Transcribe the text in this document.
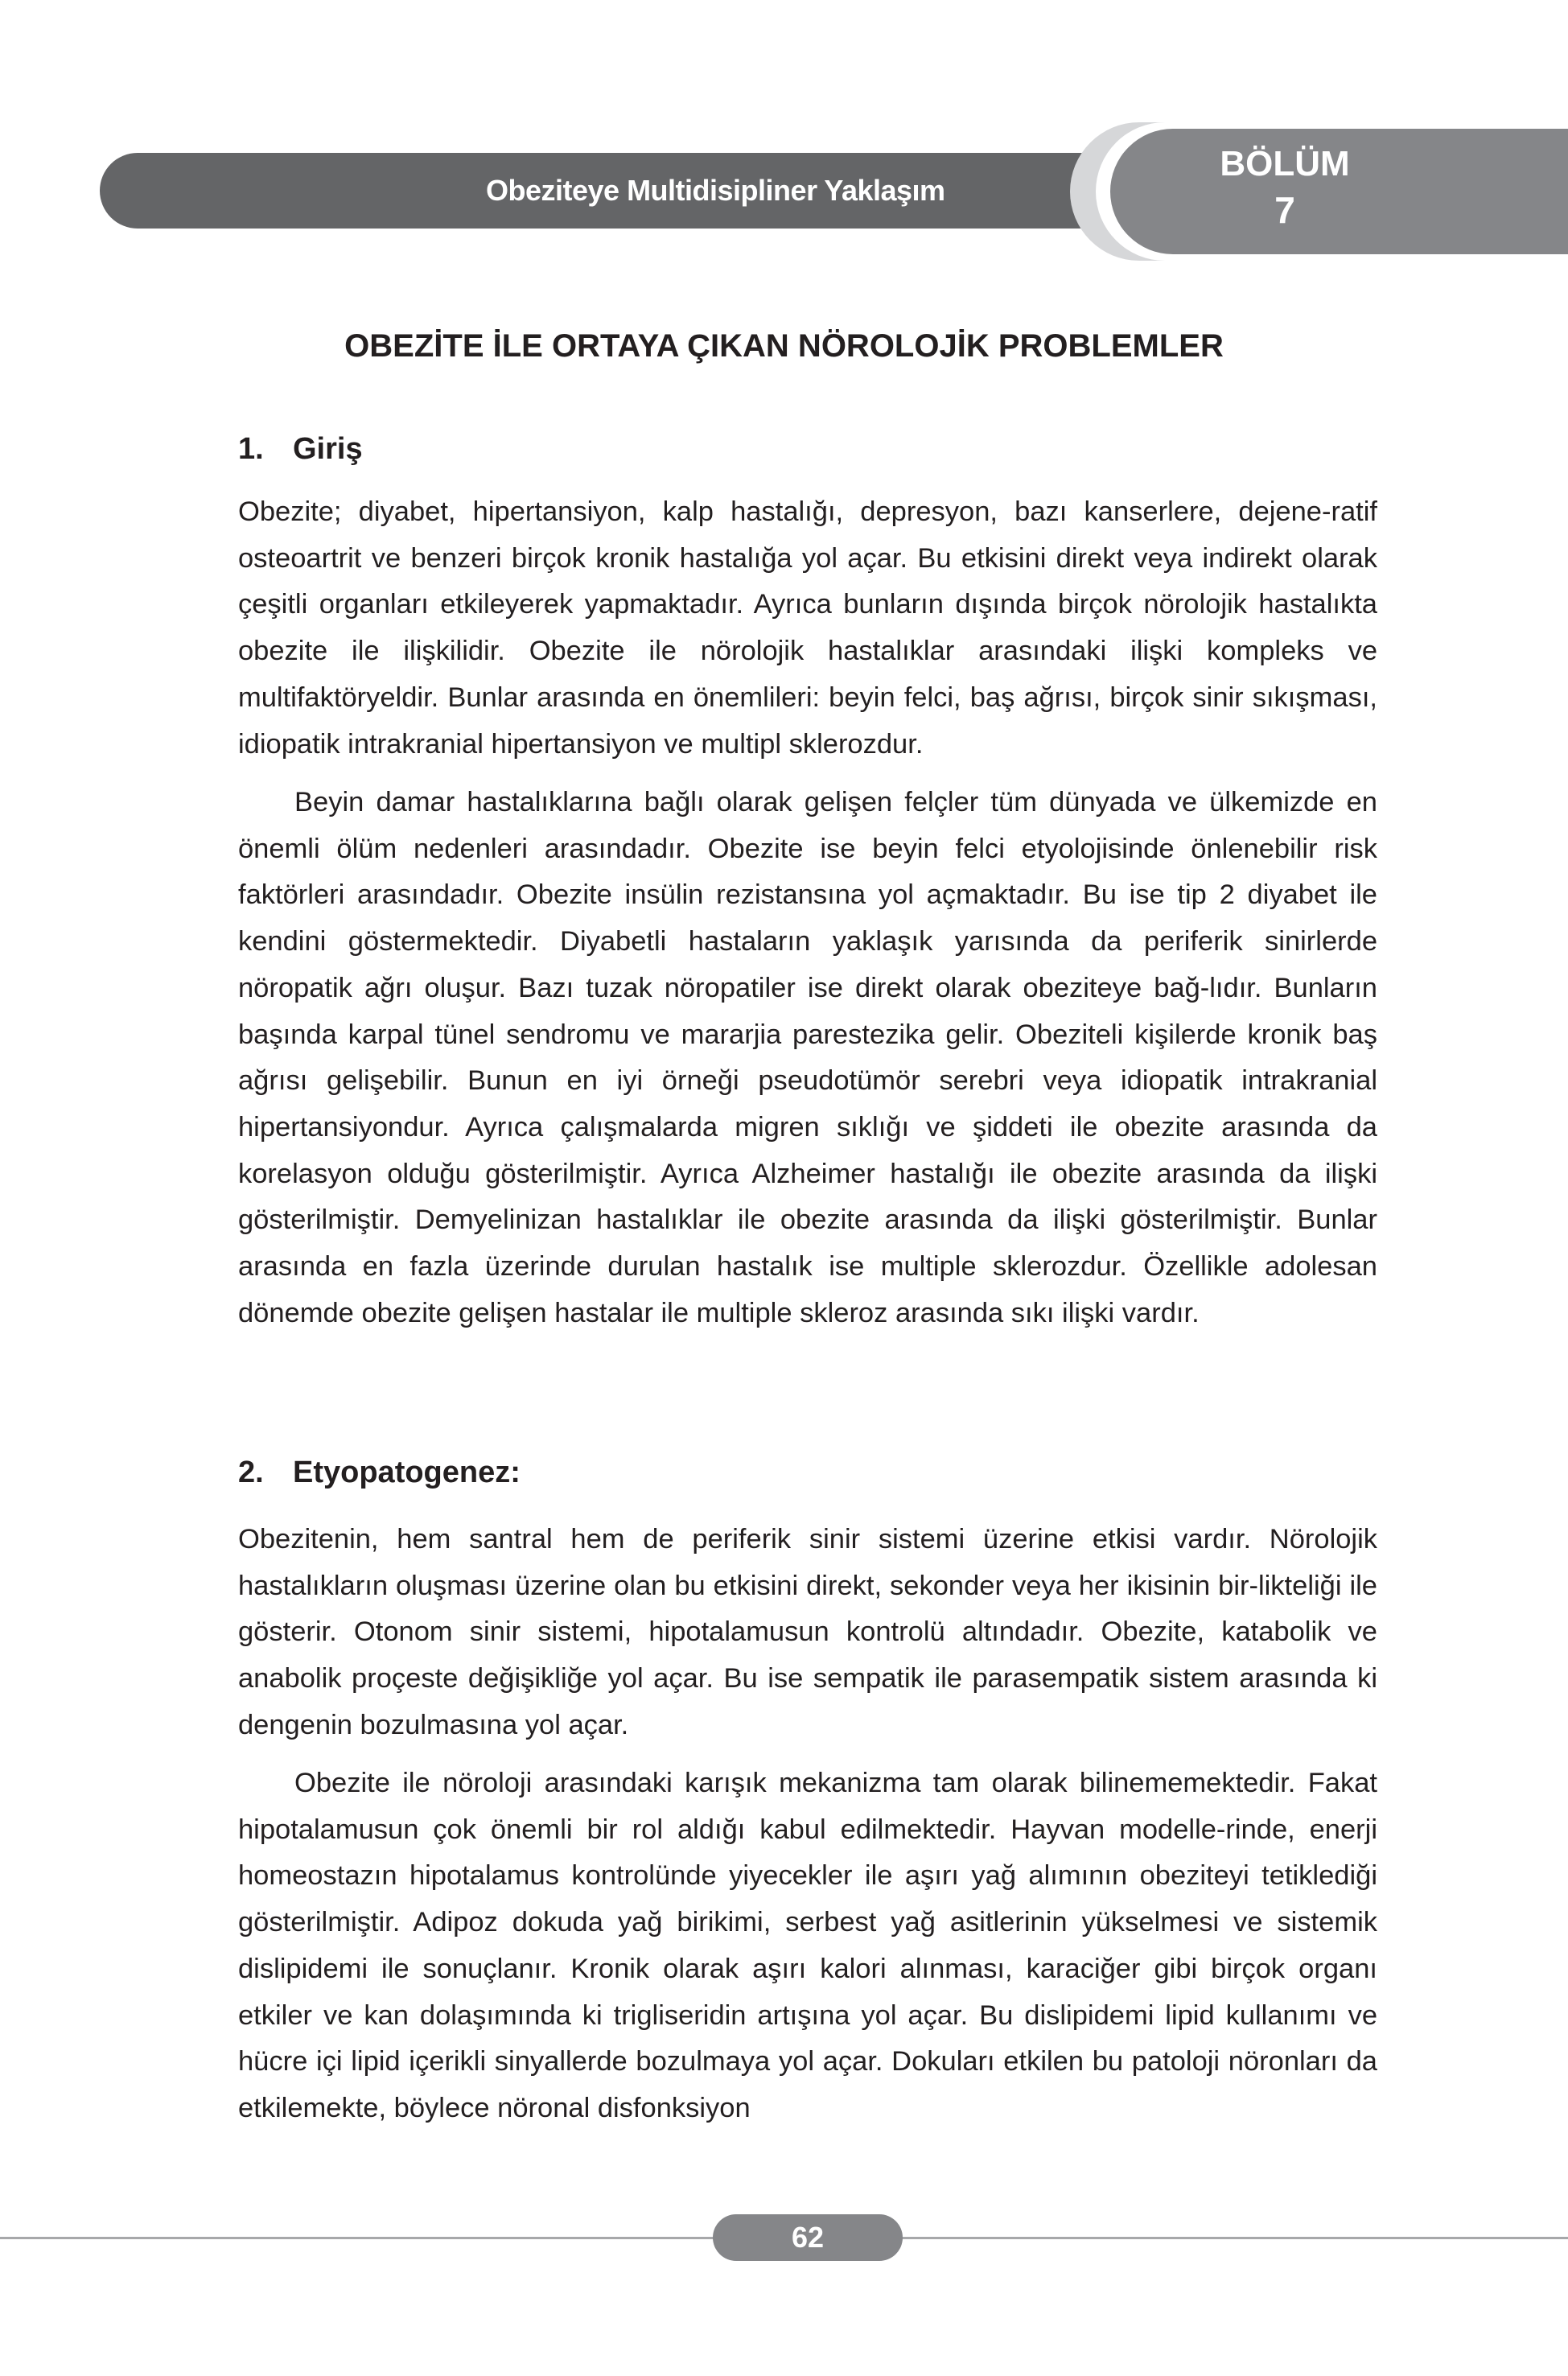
Obeziteye Multidisipliner Yaklaşım
BÖLÜM
7
OBEZİTE İLE ORTAYA ÇIKAN NÖROLOJİK PROBLEMLER
1. Giriş

Obezite; diyabet, hipertansiyon, kalp hastalığı, depresyon, bazı kanserlere, dejene-ratif osteoartrit ve benzeri birçok kronik hastalığa yol açar. Bu etkisini direkt veya indirekt olarak çeşitli organları etkileyerek yapmaktadır. Ayrıca bunların dışında birçok nörolojik hastalıkta obezite ile ilişkilidir. Obezite ile nörolojik hastalıklar arasındaki ilişki kompleks ve multifaktöryeldir. Bunlar arasında en önemlileri: beyin felci, baş ağrısı, birçok sinir sıkışması, idiopatik intrakranial hipertansiyon ve multipl sklerozdur.

Beyin damar hastalıklarına bağlı olarak gelişen felçler tüm dünyada ve ülkemizde en önemli ölüm nedenleri arasındadır. Obezite ise beyin felci etyolojisinde önlenebilir risk faktörleri arasındadır. Obezite insülin rezistansına yol açmaktadır. Bu ise tip 2 diyabet ile kendini göstermektedir. Diyabetli hastaların yaklaşık yarısında da periferik sinirlerde nöropatik ağrı oluşur. Bazı tuzak nöropatiler ise direkt olarak obeziteye bağ-lıdır. Bunların başında karpal tünel sendromu ve mararjia parestezika gelir. Obeziteli kişilerde kronik baş ağrısı gelişebilir. Bunun en iyi örneği pseudotümör serebri veya idiopatik intrakranial hipertansiyondur. Ayrıca çalışmalarda migren sıklığı ve şiddeti ile obezite arasında da korelasyon olduğu gösterilmiştir. Ayrıca Alzheimer hastalığı ile obezite arasında da ilişki gösterilmiştir. Demyelinizan hastalıklar ile obezite arasında da ilişki gösterilmiştir. Bunlar arasında en fazla üzerinde durulan hastalık ise multiple sklerozdur. Özellikle adolesan dönemde obezite gelişen hastalar ile multiple skleroz arasında sıkı ilişki vardır.

2. Etyopatogenez:

Obezitenin, hem santral hem de periferik sinir sistemi üzerine etkisi vardır. Nörolojik hastalıkların oluşması üzerine olan bu etkisini direkt, sekonder veya her ikisinin bir-likteliği ile gösterir. Otonom sinir sistemi, hipotalamusun kontrolü altındadır. Obezite, katabolik ve anabolik proçeste değişikliğe yol açar. Bu ise sempatik ile parasempatik sistem arasında ki dengenin bozulmasına yol açar.

Obezite ile nöroloji arasındaki karışık mekanizma tam olarak bilinememektedir. Fakat hipotalamusun çok önemli bir rol aldığı kabul edilmektedir. Hayvan modelle-rinde, enerji homeostazın hipotalamus kontrolünde yiyecekler ile aşırı yağ alımının obeziteyi tetiklediği gösterilmiştir. Adipoz dokuda yağ birikimi, serbest yağ asitlerinin yükselmesi ve sistemik dislipidemi ile sonuçlanır. Kronik olarak aşırı kalori alınması, karaciğer gibi birçok organı etkiler ve kan dolaşımında ki trigliseridin artışına yol açar. Bu dislipidemi lipid kullanımı ve hücre içi lipid içerikli sinyallerde bozulmaya yol açar. Dokuları etkilen bu patoloji nöronları da etkilemekte, böylece nöronal disfonksiyon

62
